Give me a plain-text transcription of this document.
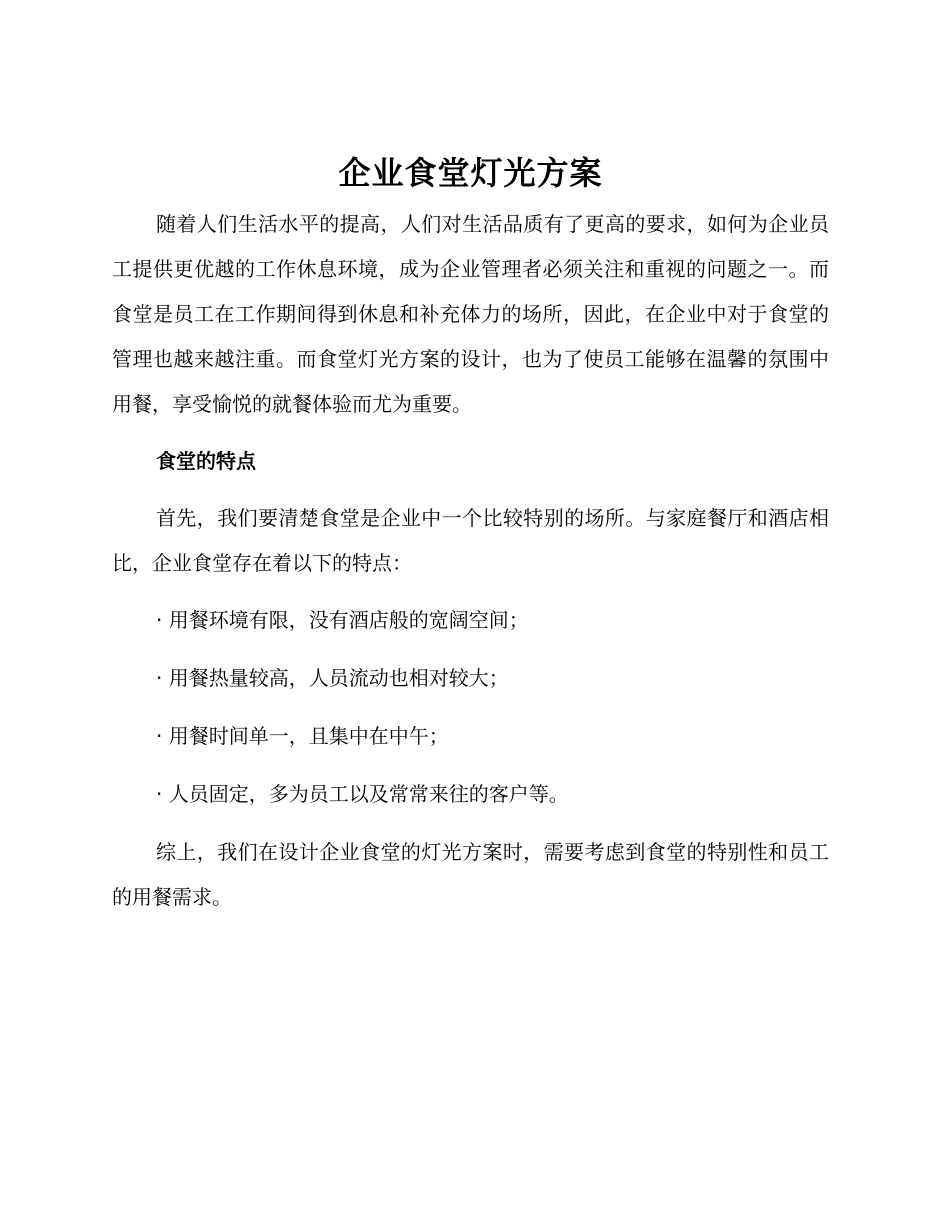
企业食堂灯光方案

随着人们生活水平的提高，人们对生活品质有了更高的要求，如何为企业员工提供更优越的工作休息环境，成为企业管理者必须关注和重视的问题之一。而食堂是员工在工作期间得到休息和补充体力的场所，因此，在企业中对于食堂的管理也越来越注重。而食堂灯光方案的设计，也为了使员工能够在温馨的氛围中用餐，享受愉悦的就餐体验而尤为重要。

食堂的特点

首先，我们要清楚食堂是企业中一个比较特别的场所。与家庭餐厅和酒店相比，企业食堂存在着以下的特点：

· 用餐环境有限，没有酒店般的宽阔空间；
· 用餐热量较高，人员流动也相对较大；
· 用餐时间单一，且集中在中午；
· 人员固定，多为员工以及常常来往的客户等。

综上，我们在设计企业食堂的灯光方案时，需要考虑到食堂的特别性和员工的用餐需求。
